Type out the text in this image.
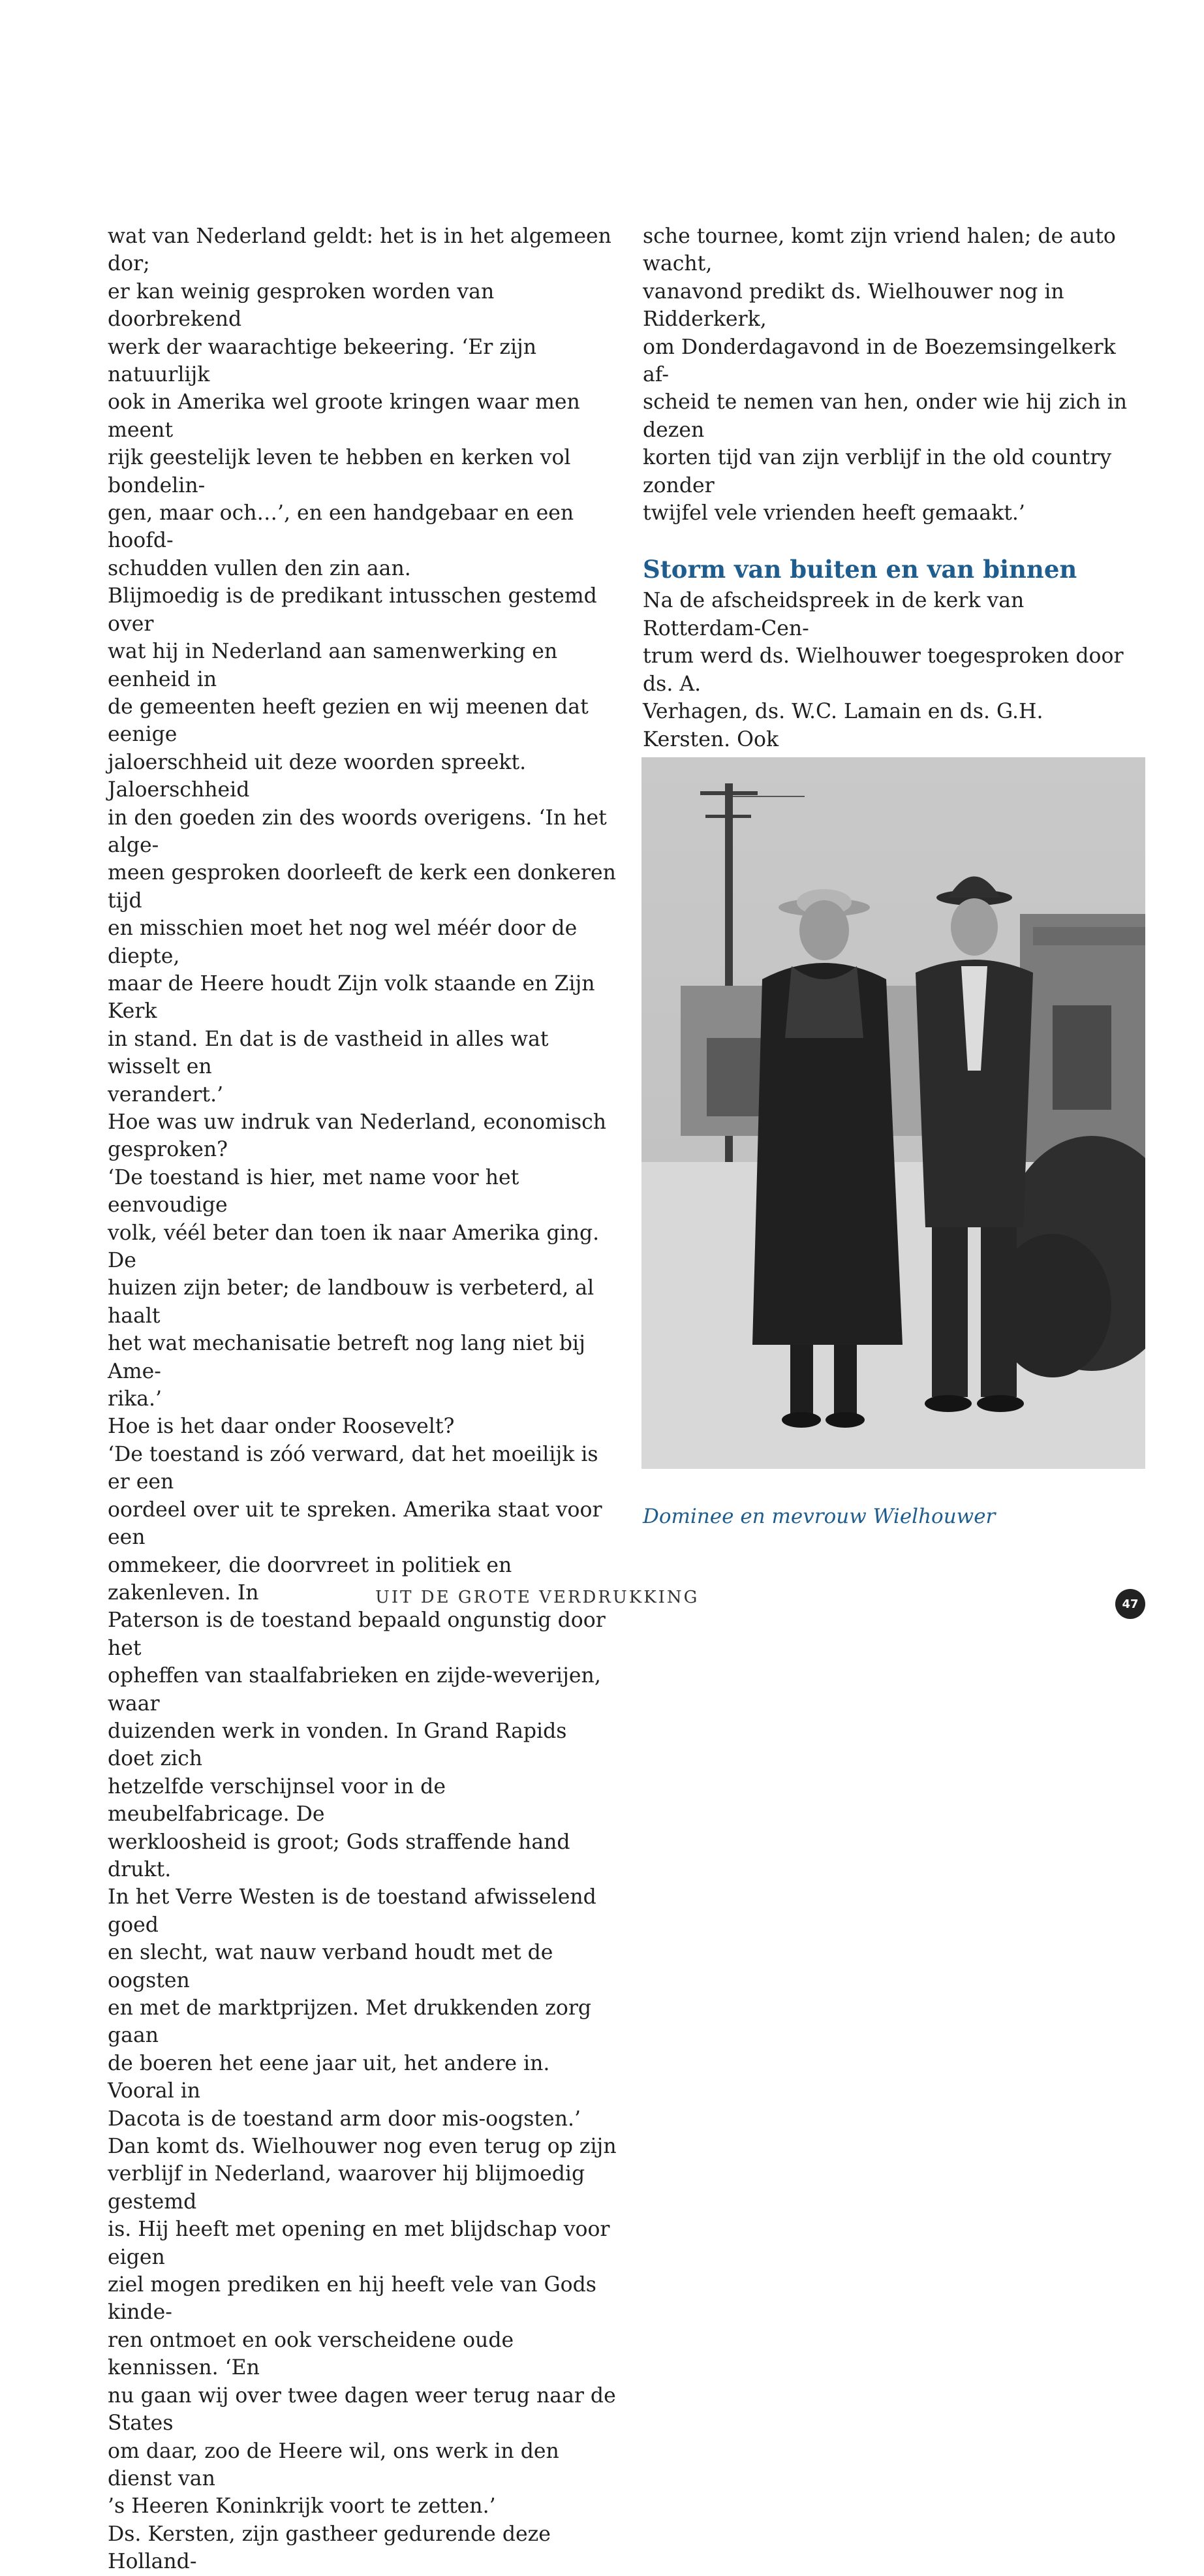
wat van Nederland geldt: het is in het algemeen dor;

er kan weinig gesproken worden van doorbrekend

werk der waarachtige bekeering. ‘Er zijn natuurlijk

ook in Amerika wel groote kringen waar men meent

rijk geestelijk leven te hebben en kerken vol bondelin-

gen, maar och…’, en een handgebaar en een hoofd-

schudden vullen den zin aan.

Blijmoedig is de predikant intusschen gestemd over

wat hij in Nederland aan samenwerking en eenheid in

de gemeenten heeft gezien en wij meenen dat eenige

jaloerschheid uit deze woorden spreekt. Jaloerschheid

in den goeden zin des woords overigens. ‘In het alge-

meen gesproken doorleeft de kerk een donkeren tijd

en misschien moet het nog wel méér door de diepte,

maar de Heere houdt Zijn volk staande en Zijn Kerk

in stand. En dat is de vastheid in alles wat wisselt en

verandert.’

Hoe was uw indruk van Nederland, economisch

gesproken?

‘De toestand is hier, met name voor het eenvoudige

volk, véél beter dan toen ik naar Amerika ging. De

huizen zijn beter; de landbouw is verbeterd, al haalt

het wat mechanisatie betreft nog lang niet bij Ame-

rika.’

Hoe is het daar onder Roosevelt?

‘De toestand is zóó verward, dat het moeilijk is er een

oordeel over uit te spreken. Amerika staat voor een

ommekeer, die doorvreet in politiek en zakenleven. In

Paterson is de toestand bepaald ongunstig door het

opheffen van staalfabrieken en zijde-weverijen, waar

duizenden werk in vonden. In Grand Rapids doet zich

hetzelfde verschijnsel voor in de meubelfabricage. De

werkloosheid is groot; Gods straffende hand drukt.

In het Verre Westen is de toestand afwisselend goed

en slecht, wat nauw verband houdt met de oogsten

en met de marktprijzen. Met drukkenden zorg gaan

de boeren het eene jaar uit, het andere in. Vooral in

Dacota is de toestand arm door mis-oogsten.’

Dan komt ds. Wielhouwer nog even terug op zijn

verblijf in Nederland, waarover hij blijmoedig gestemd

is. Hij heeft met opening en met blijdschap voor eigen

ziel mogen prediken en hij heeft vele van Gods kinde-

ren ontmoet en ook verscheidene oude kennissen. ‘En

nu gaan wij over twee dagen weer terug naar de States

om daar, zoo de Heere wil, ons werk in den dienst van

’s Heeren Koninkrijk voort te zetten.’

Ds. Kersten, zijn gastheer gedurende deze Holland-

sche tournee, komt zijn vriend halen; de auto wacht,

vanavond predikt ds. Wielhouwer nog in Ridderkerk,

om Donderdagavond in de Boezemsingelkerk af-

scheid te nemen van hen, onder wie hij zich in dezen

korten tijd van zijn verblijf in the old country zonder

twijfel vele vrienden heeft gemaakt.’

Storm van buiten en van binnen

Na de afscheidspreek in de kerk van Rotterdam-Cen-

trum werd ds. Wielhouwer toegesproken door ds. A.

Verhagen, ds. W.C. Lamain en ds. G.H. Kersten. Ook

Dominee en mevrouw Wielhouwer
UIT DE GROTE VERDRUKKING	47
